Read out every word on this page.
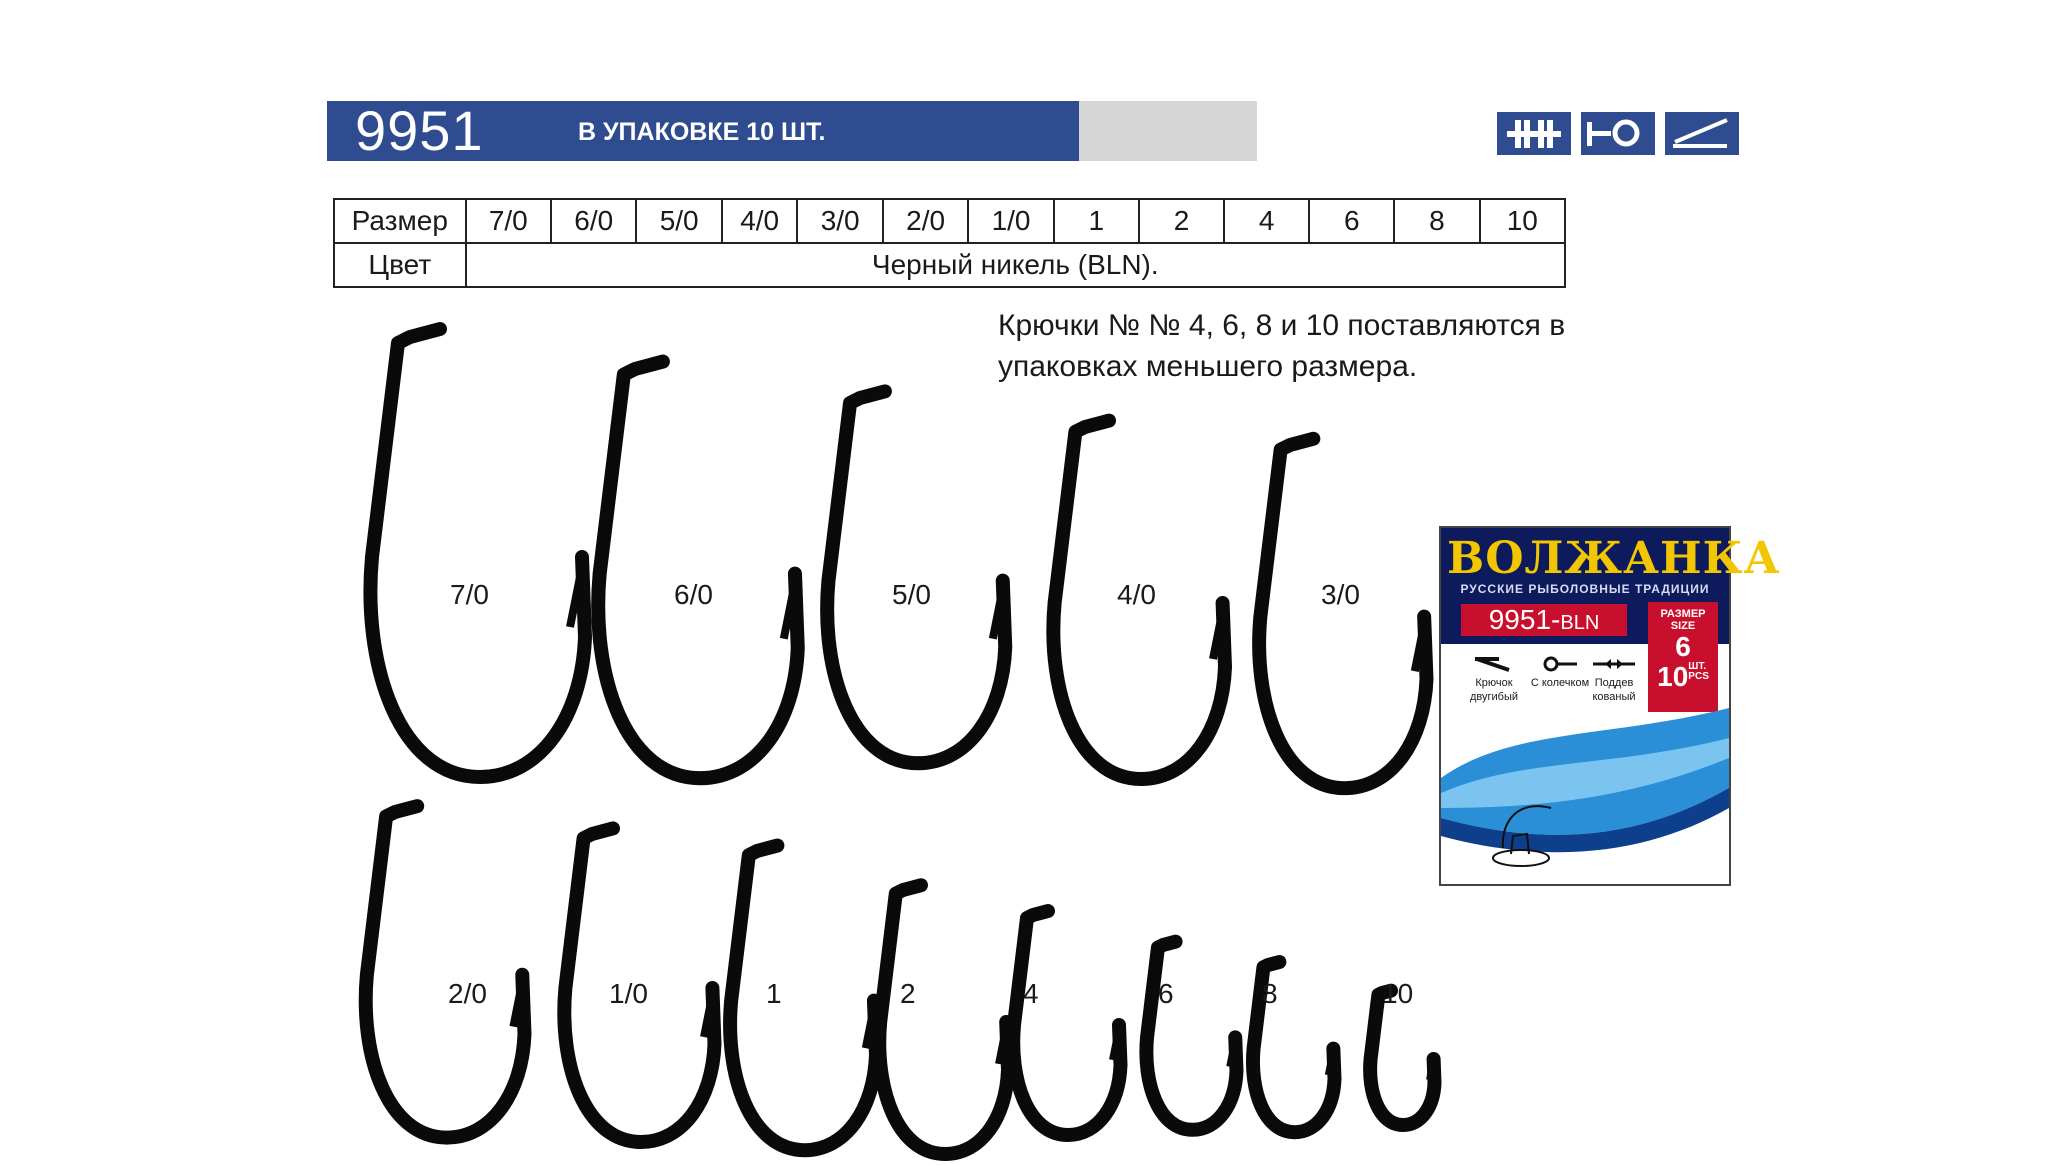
9951	В УПАКОВКЕ 10 ШТ.
Размер	7/0	6/0	5/0	4/0	3/0	2/0	1/0	1	2	4	6	8	10
Цвет	Черный никель (BLN).												
Крючки № № 4, 6, 8 и 10 поставляются в
упаковках меньшего размера.
7/0	6/0	5/0	4/0	3/0
2/0	1/0	1	2	4	6	8	10
ВОЛЖАНКА
РУССКИЕ РЫБОЛОВНЫЕ ТРАДИЦИИ
9951-BLN	РАЗМЕР
SIZE
6
10ШТ.
PCS
Крючок двугибый
С колечком Поддев кованый
